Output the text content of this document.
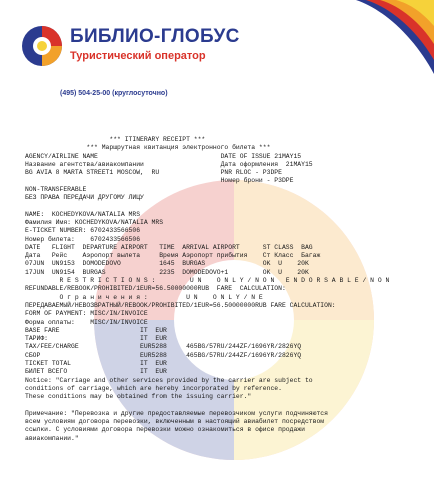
БИБЛИО-ГЛОБУС
Туристический оператор
(495) 504-25-00 (круглосуточно)
*** ITINERARY RECEIPT ***
*** Маршрутная квитанция электронного билета ***
AGENCY/AIRLINE NAME                                DATE OF ISSUE 21MAY15
Название агентства/авиакомпании                    Дата оформления  21MAY15
BG AVIA 8 MARTA STREET1 MOSCOW,  RU                PNR RLOC - P3DPE
Номер брони - P3DPE
NON-TRANSFERABLE
БЕЗ ПРАВА ПЕРЕДАЧИ ДРУГОМУ ЛИЦУ
NAME:  KOCHEDYKOVA/NATALIA MRS
Фамилия Имя: KOCHEDYKOVA/NATALIA MRS
E-TICKET NUMBER: 6702433566506
Номер билета:    6702433566506
DATE   FLIGHT  DEPARTURE AIRPORT   TIME  ARRIVAL AIRPORT      ST CLASS  BAG
Дата   Рейс    Аэропорт вылета     Время Аэропорт прибытия    Ст Класс  Багаж
07JUN  UN9153  DOMODEDOVO          1645  BURGAS               OK  U    20K
17JUN  UN9154  BURGAS              2235  DOMODEDOVO+1         OK  U    20K
R E S T R I C T I O N S :         U N    O N L Y / N O N   E N D O R S A B L E / N O N
REFUNDABLE/REBOOK/PROHIBITED/1EUR=56.50000000RUB  FARE  CALCULATION:
О г р а н и ч е н и я :          U N    O N L Y / N E
ПЕРЕДАВАЕМЫЙ/НЕВОЗВРАТНЫЙ/REBOOK/PROHIBITED/1EUR=56.50000000RUB FARE CALCULATION:
FORM OF PAYMENT: MISC/IN/INVOICE
Форма оплаты:    MISC/IN/INVOICE
BASE FARE                     IT  EUR
ТАРИФ:                        IT  EUR
TAX/FEE/CHARGE                EUR5288     465BG/57RU/244ZF/1696YR/2826YQ
СБОР                          EUR5288     465BG/57RU/244ZF/1696YR/2826YQ
TICKET TOTAL                  IT  EUR
БИЛЕТ ВСЕГО                   IT  EUR
Notice: "Carriage and other services provided by the carrier are subject to
conditions of carriage, which are hereby incorporated by reference.
These conditions may be obtained from the issuing carrier."
Примечание: "Перевозка и другие предоставляемые перевозчиком услуги подчиняются
всем условиям договора перевозки, включенным в настоящий авиабилет посредством
ссылки. С условиями договора перевозки можно ознакомиться в офисе продажи
авиакомпании."
